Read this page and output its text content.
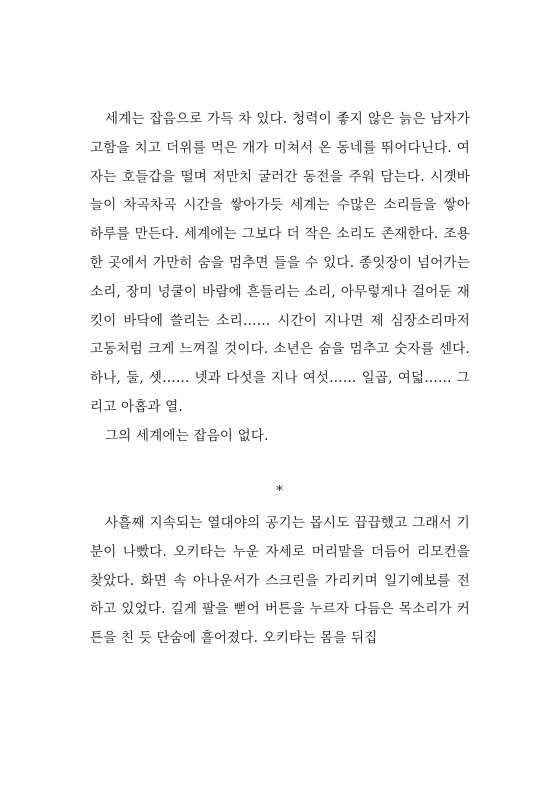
세계는 잡음으로 가득 차 있다. 청력이 좋지 않은 늙은 남자가 고함을 치고 더위를 먹은 개가 미쳐서 온 동네를 뛰어다닌다. 여자는 호들갑을 떨며 저만치 굴러간 동전을 주워 담는다. 시곗바늘이 차곡차곡 시간을 쌓아가듯 세계는 수많은 소리들을 쌓아 하루를 만든다. 세계에는 그보다 더 작은 소리도 존재한다. 조용한 곳에서 가만히 숨을 멈추면 들을 수 있다. 종잇장이 넘어가는 소리, 장미 넝쿨이 바람에 흔들리는 소리, 아무렇게나 걸어둔 재킷이 바닥에 쓸리는 소리…… 시간이 지나면 제 심장소리마저 고동처럼 크게 느껴질 것이다. 소년은 숨을 멈추고 숫자를 센다. 하나, 둘, 셋…… 넷과 다섯을 지나 여섯…… 일곱, 여덟…… 그리고 아홉과 열.

그의 세계에는 잡음이 없다.

*

사흘째 지속되는 열대야의 공기는 몹시도 끕끕했고 그래서 기분이 나빴다. 오키타는 누운 자세로 머리맡을 더듬어 리모컨을 찾았다. 화면 속 아나운서가 스크린을 가리키며 일기예보를 전하고 있었다. 길게 팔을 뻗어 버튼을 누르자 다듬은 목소리가 커튼을 친 듯 단숨에 흩어졌다. 오키타는 몸을 뒤집
